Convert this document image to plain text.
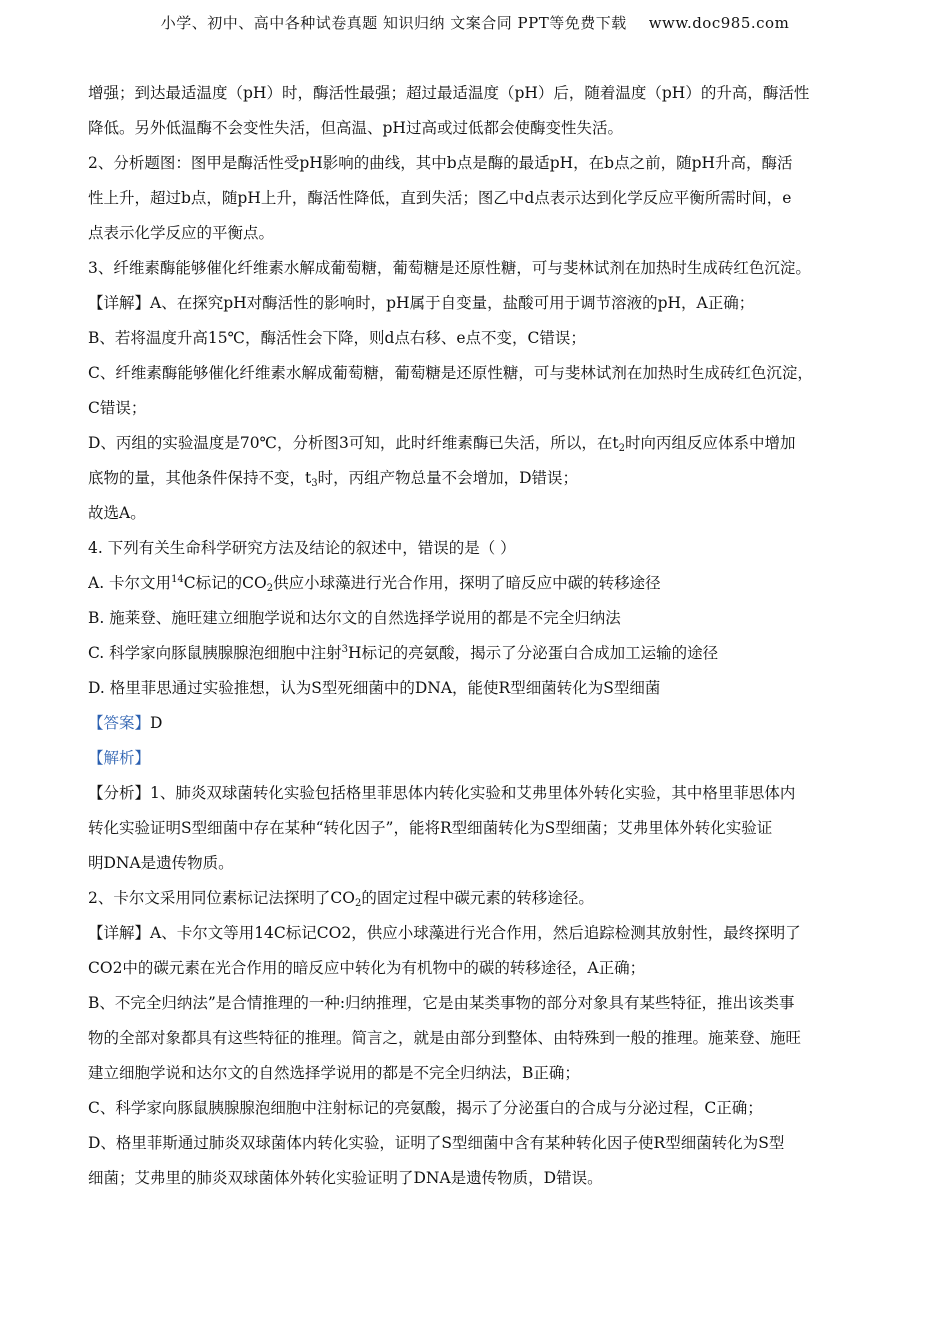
小学、初中、高中各种试卷真题 知识归纳 文案合同 PPT等免费下载 www.doc985.com
增强；到达最适温度（pH）时，酶活性最强；超过最适温度（pH）后，随着温度（pH）的升高，酶活性
降低。另外低温酶不会变性失活，但高温、pH过高或过低都会使酶变性失活。
2、分析题图：图甲是酶活性受pH影响的曲线，其中b点是酶的最适pH，在b点之前，随pH升高，酶活
性上升，超过b点，随pH上升，酶活性降低，直到失活；图乙中d点表示达到化学反应平衡所需时间，e
点表示化学反应的平衡点。
3、纤维素酶能够催化纤维素水解成葡萄糖，葡萄糖是还原性糖，可与斐林试剂在加热时生成砖红色沉淀。
【详解】A、在探究pH对酶活性的影响时，pH属于自变量，盐酸可用于调节溶液的pH，A正确；
B、若将温度升高15℃，酶活性会下降，则d点右移、e点不变，C错误；
C、纤维素酶能够催化纤维素水解成葡萄糖，葡萄糖是还原性糖，可与斐林试剂在加热时生成砖红色沉淀，
C错误；
D、丙组的实验温度是70℃，分析图3可知，此时纤维素酶已失活，所以，在$t_2$时向丙组反应体系中增加
底物的量，其他条件保持不变，$t_3$时，丙组产物总量不会增加，D错误；
故选A。
4. 下列有关生命科学研究方法及结论的叙述中，错误的是（ ）
A. 卡尔文用$^{14}$C标记的$CO_2$供应小球藻进行光合作用，探明了暗反应中碳的转移途径
B. 施莱登、施旺建立细胞学说和达尔文的自然选择学说用的都是不完全归纳法
C. 科学家向豚鼠胰腺腺泡细胞中注射$^3$H标记的亮氨酸，揭示了分泌蛋白合成加工运输的途径
D. 格里菲思通过实验推想，认为S型死细菌中的DNA，能使R型细菌转化为S型细菌
【答案】D
【解析】
【分析】1、肺炎双球菌转化实验包括格里菲思体内转化实验和艾弗里体外转化实验，其中格里菲思体内
转化实验证明S型细菌中存在某种“转化因子”，能将R型细菌转化为S型细菌；艾弗里体外转化实验证
明DNA是遗传物质。
2、卡尔文采用同位素标记法探明了$CO_2$的固定过程中碳元素的转移途径。
【详解】A、卡尔文等用14C标记CO2，供应小球藻进行光合作用，然后追踪检测其放射性，最终探明了
CO2中的碳元素在光合作用的暗反应中转化为有机物中的碳的转移途径，A正确；
B、不完全归纳法”是合情推理的一种:归纳推理，它是由某类事物的部分对象具有某些特征，推出该类事
物的全部对象都具有这些特征的推理。简言之，就是由部分到整体、由特殊到一般的推理。施莱登、施旺
建立细胞学说和达尔文的自然选择学说用的都是不完全归纳法，B正确；
C、科学家向豚鼠胰腺腺泡细胞中注射标记的亮氨酸，揭示了分泌蛋白的合成与分泌过程，C正确；
D、格里菲斯通过肺炎双球菌体内转化实验，证明了S型细菌中含有某种转化因子使R型细菌转化为S型
细菌；艾弗里的肺炎双球菌体外转化实验证明了DNA是遗传物质，D错误。
